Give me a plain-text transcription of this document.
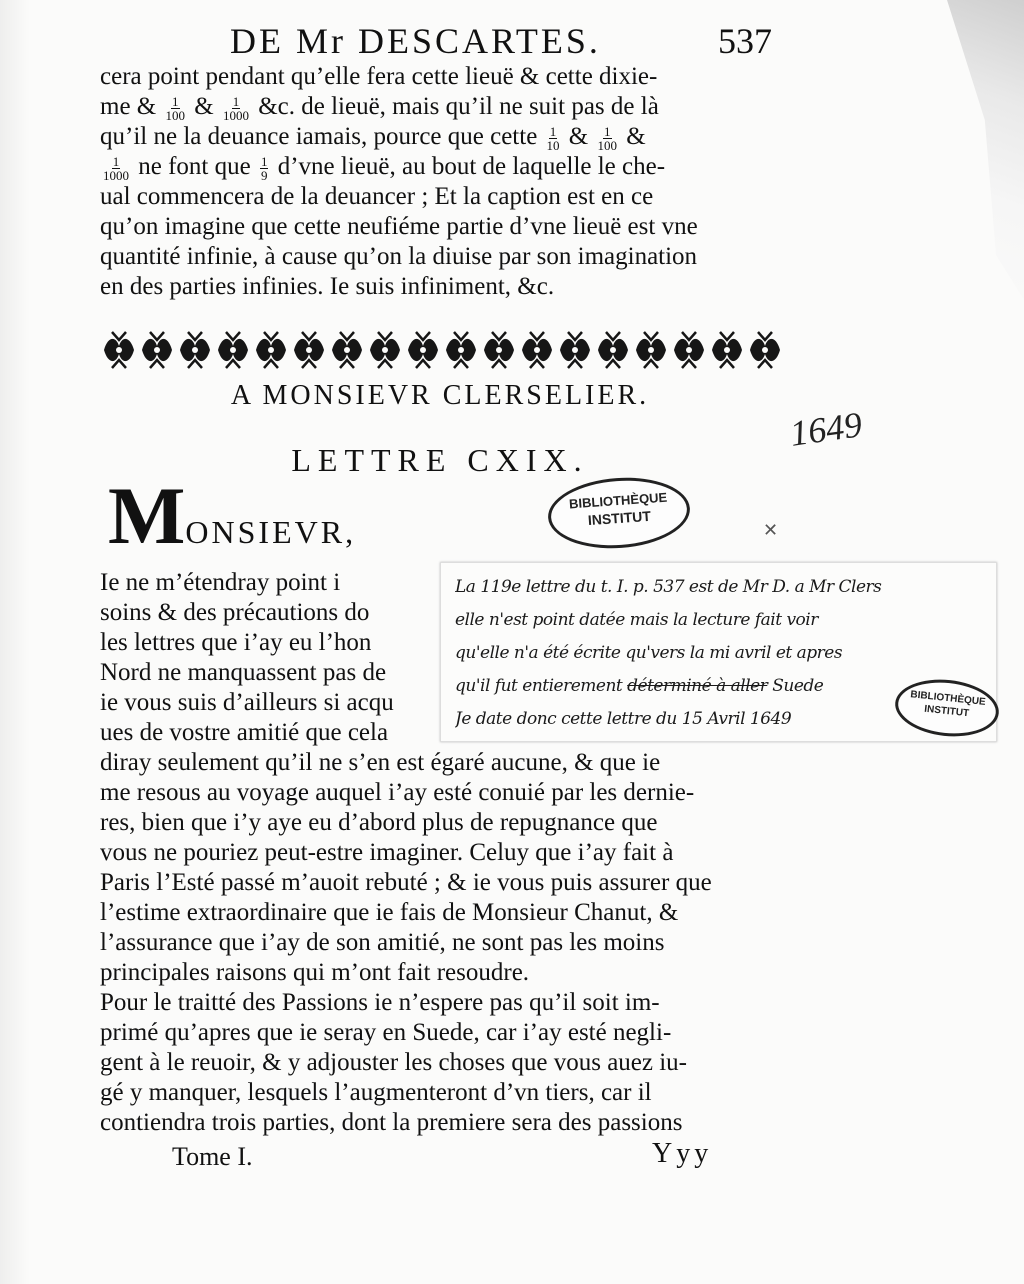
DE Mr DESCARTES.	537
cera point pendant qu’elle fera cette lieuë & cette dixie-
me & $\frac{1}{100}$ & $\frac{1}{1000}$ &c. de lieuë, mais qu’il ne suit pas de là
qu’il ne la deuance iamais, pource que cette $\frac{1}{10}$ & $\frac{1}{100}$ &
$\frac{1}{1000}$ ne font que $\frac{1}{9}$ d’vne lieuë, au bout de laquelle le che-
ual commencera de la deuancer ; Et la caption est en ce
qu’on imagine que cette neufiéme partie d’vne lieuë est vne
quantité infinie, à cause qu’on la diuise par son imagination
en des parties infinies. Ie suis infiniment, &c.
A MONSIEVR CLERSELIER.
LETTRE CXIX.
1649
MONSIEVR,
BIBLIOTHÈQUE
INSTITUT
✕
Ie ne m’étendray point i
soins & des précautions do
les lettres que i’ay eu l’hon
Nord ne manquassent pas de
ie vous suis d’ailleurs si acqu
ues de vostre amitié que cela
diray seulement qu’il ne s’en est égaré aucune, & que ie
me resous au voyage auquel i’ay esté conuié par les dernie-
res, bien que i’y aye eu d’abord plus de repugnance que
vous ne pouriez peut-estre imaginer. Celuy que i’ay fait à
Paris l’Esté passé m’auoit rebuté ; & ie vous puis assurer que
l’estime extraordinaire que ie fais de Monsieur Chanut, &
l’assurance que i’ay de son amitié, ne sont pas les moins
principales raisons qui m’ont fait resoudre.
Pour le traitté des Passions ie n’espere pas qu’il soit im-
primé qu’apres que ie seray en Suede, car i’ay esté negli-
gent à le reuoir, & y adjouster les choses que vous auez iu-
gé y manquer, lesquels l’augmenteront d’vn tiers, car il
contiendra trois parties, dont la premiere sera des passions
La 119e lettre du t. I. p. 537 est de Mr D. a Mr Clers
elle n'est point datée mais la lecture fait voir
qu'elle n'a été écrite qu'vers la mi avril et apres
qu'il fut entierement déterminé à aller Suede
Je date donc cette lettre du 15 Avril 1649
BIBLIOTHÈQUE
INSTITUT
Tome I.	Yyy
